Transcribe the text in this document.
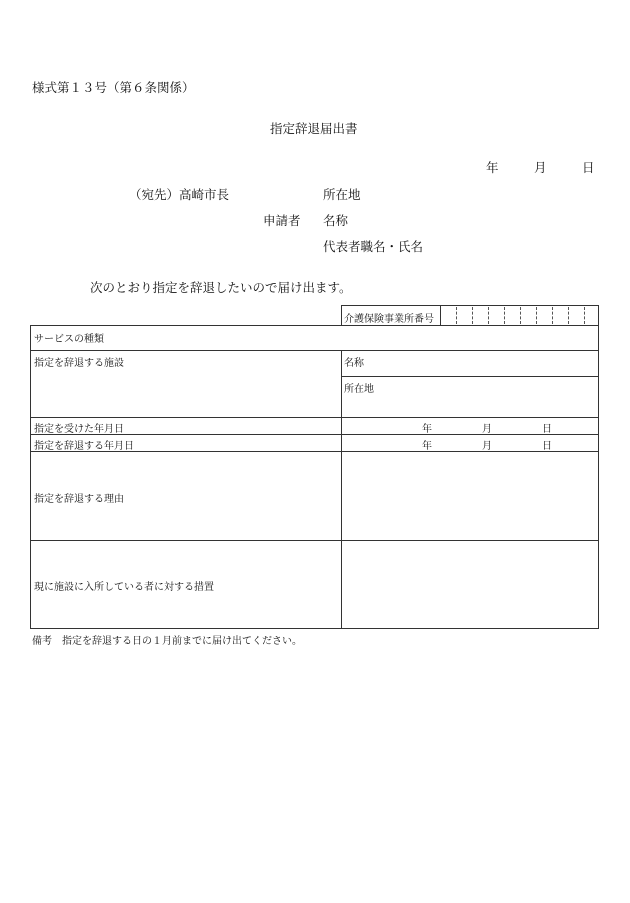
様式第１３号（第６条関係）
指定辞退届出書
年	月	日
（宛先）高崎市長	所在地
申請者 名称
代表者職名・氏名
次のとおり指定を辞退したいので届け出ます。
介護保険事業所番号
サービスの種類
指定を辞退する施設	名称
所在地
指定を受けた年月日	年	月	日
指定を辞退する年月日	年	月	日
指定を辞退する理由
現に施設に入所している者に対する措置
備考　指定を辞退する日の１月前までに届け出てください。
